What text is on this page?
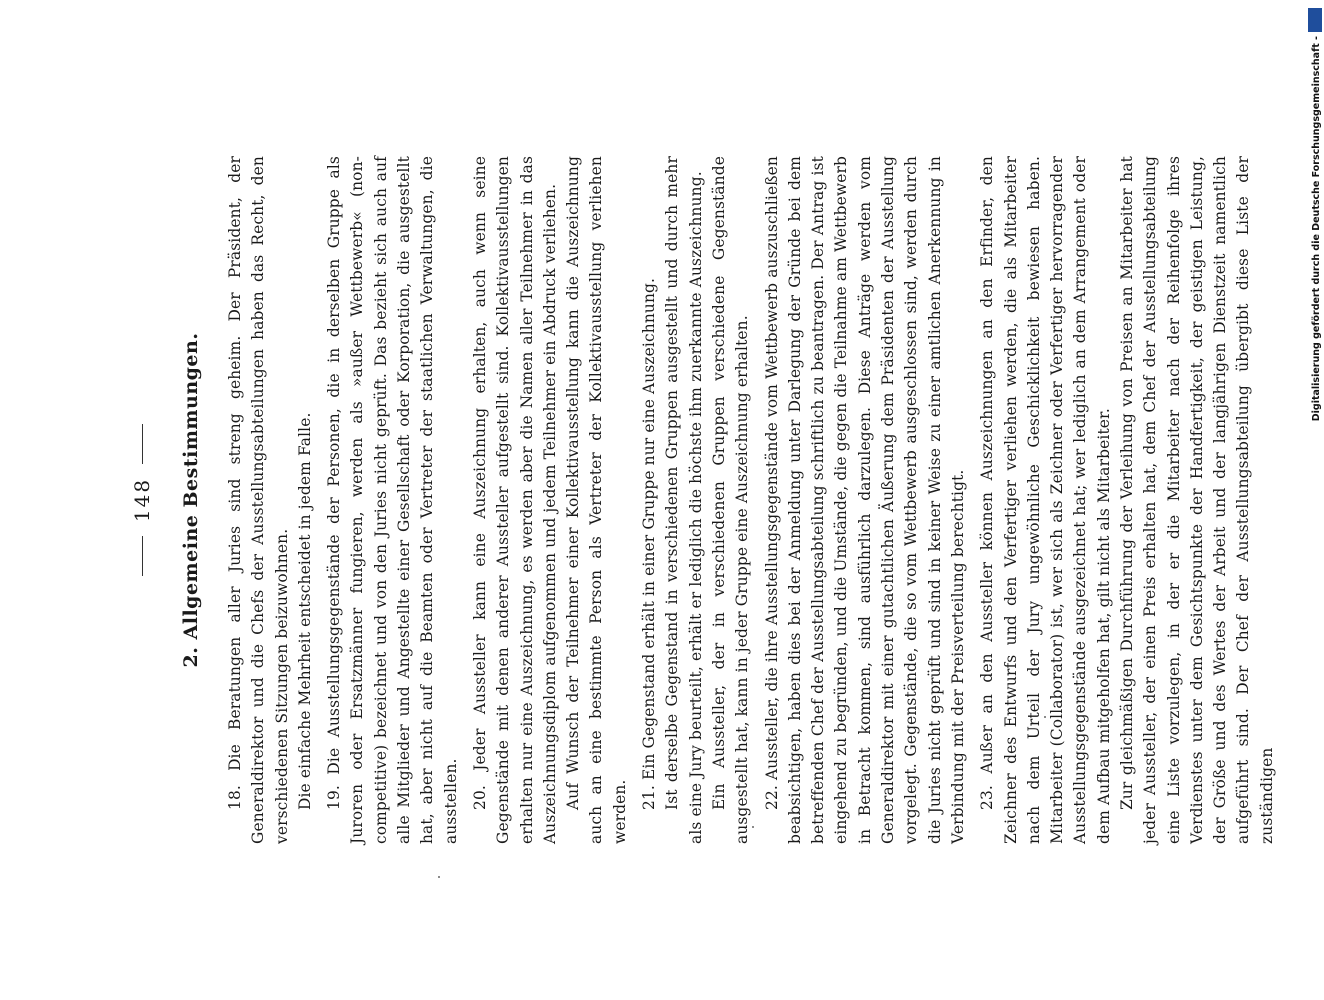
148 2. Allgemeine Bestimmungen. 18. Die Beratungen aller Juries sind streng geheim. Der Präsident, der Generaldirektor und die Chefs der Ausstellungsabteilungen haben das Recht, den verschiedenen Sitzungen beizuwohnen. Die einfache Mehrheit entscheidet in jedem Falle. 19. Die Ausstellungsgegenstände der Personen, die in derselben Gruppe als Juroren oder Ersatzmänner fungieren, werden als »außer Wettbewerb« (non-competitive) bezeichnet und von den Juries nicht geprüft. Das bezieht sich auch auf alle Mitglieder und Angestellte einer Gesellschaft oder Korporation, die ausgestellt hat, aber nicht auf die Beamten oder Vertreter der staatlichen Verwaltungen, die ausstellen. 20. Jeder Aussteller kann eine Auszeichnung erhalten, auch wenn seine Gegenstände mit denen anderer Aussteller aufgestellt sind. Kollektivausstellungen erhalten nur eine Auszeichnung, es werden aber die Namen aller Teilnehmer in das Auszeichnungsdiplom aufgenommen und jedem Teilnehmer ein Abdruck verliehen. Auf Wunsch der Teilnehmer einer Kollektivausstellung kann die Auszeichnung auch an eine bestimmte Person als Vertreter der Kollektivausstellung verliehen werden.

21. Ein Gegenstand erhält in einer Gruppe nur eine Auszeichnung. Ist derselbe Gegenstand in verschiedenen Gruppen ausgestellt und durch mehr als eine Jury beurteilt, erhält er lediglich die höchste ihm zuerkannte Auszeichnung. Ein Aussteller, der in verschiedenen Gruppen verschiedene Gegenstände ausgestellt hat, kann in jeder Gruppe eine Auszeichnung erhalten. 22. Aussteller, die ihre Ausstellungsgegenstände vom Wettbewerb auszuschließen beabsichtigen, haben dies bei der Anmeldung unter Darlegung der Gründe bei dem betreffenden Chef der Ausstellungsabteilung schriftlich zu beantragen. Der Antrag ist eingehend zu begründen, und die Umstände, die gegen die Teilnahme am Wettbewerb in Betracht kommen, sind ausführlich darzulegen. Diese Anträge werden vom Generaldirektor mit einer gutachtlichen Äußerung dem Präsidenten der Ausstellung vorgelegt. Gegenstände, die so vom Wettbewerb ausgeschlossen sind, werden durch die Juries nicht geprüft und sind in keiner Weise zu einer amtlichen Anerkennung in Verbindung mit der Preisverteilung berechtigt. 23. Außer an den Aussteller können Auszeichnungen an den Erfinder, den Zeichner des Entwurfs und den Verfertiger verliehen werden, die als Mitarbeiter nach dem Urteil der Jury ungewöhnliche Geschicklichkeit bewiesen haben. Mitarbeiter (Collaborator) ist, wer sich als Zeichner oder Verfertiger hervorragender Ausstellungsgegenstände ausgezeichnet hat; wer lediglich an dem Arrangement oder dem Aufbau mitgeholfen hat, gilt nicht als Mitarbeiter. Zur gleichmäßigen Durchführung der Verleihung von Preisen an Mitarbeiter hat jeder Aussteller, der einen Preis erhalten hat, dem Chef der Ausstellungsabteilung eine Liste vorzulegen, in der er die Mitarbeiter nach der Reihenfolge ihres Verdienstes unter dem Gesichtspunkte der Handfertigkeit, der geistigen Leistung, der Größe und des Wertes der Arbeit und der langjährigen Dienstzeit namentlich aufgeführt sind. Der Chef der Ausstellungsabteilung übergibt diese Liste der zuständigen

Digitalisierung gefördert durch die Deutsche Forschungsgemeinschaft -
